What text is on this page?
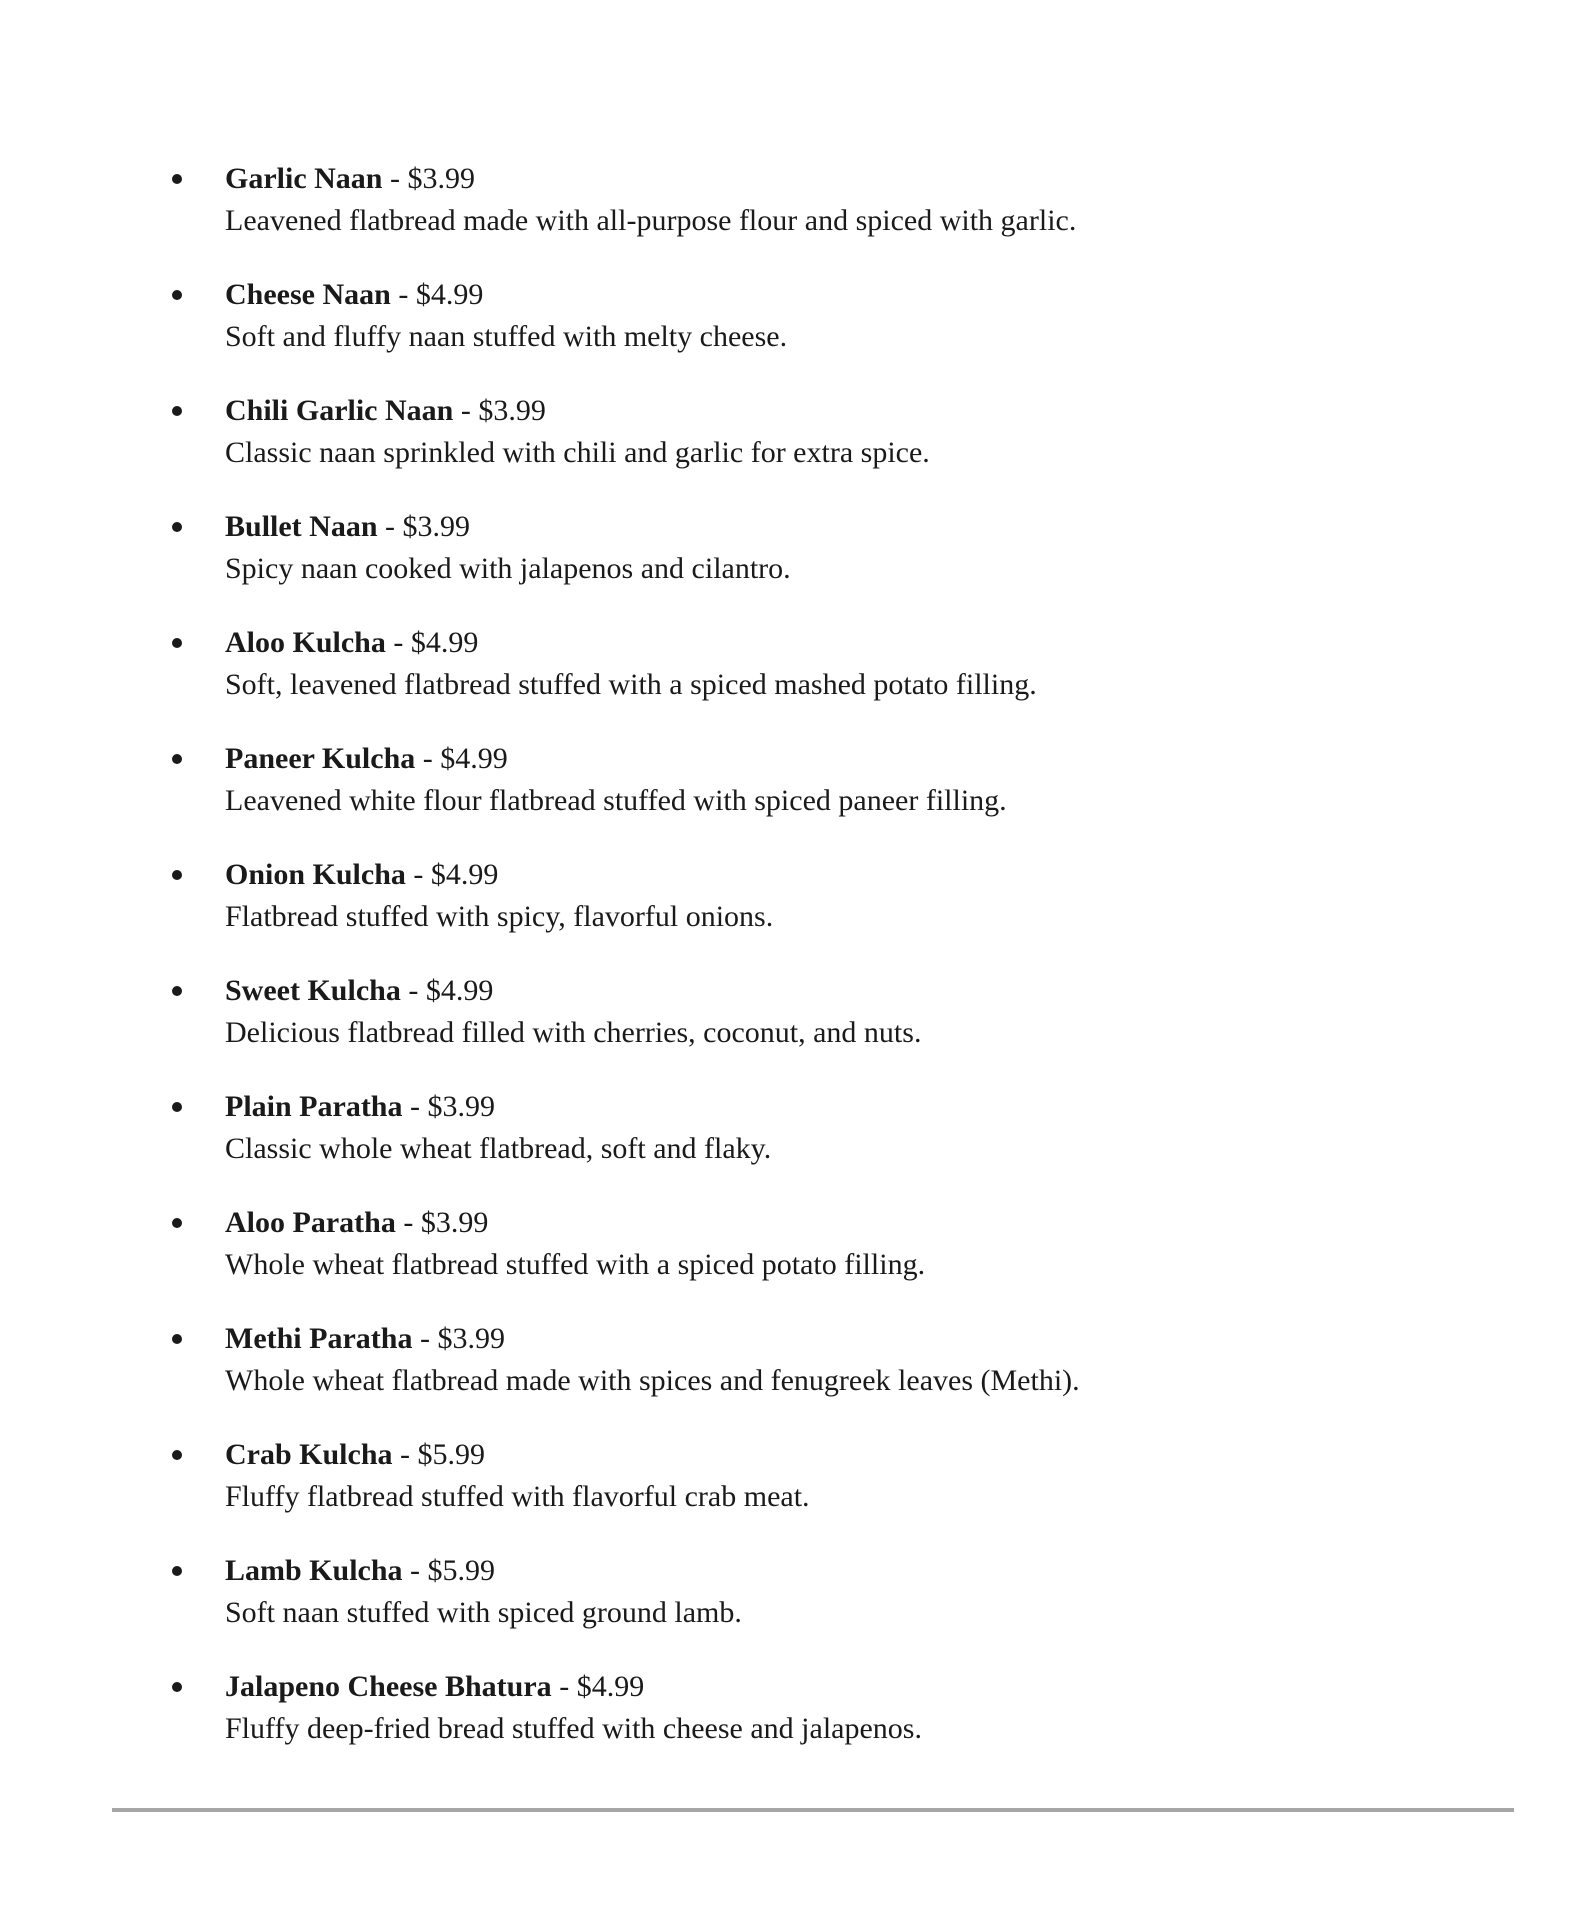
Garlic Naan - $3.99
Leavened flatbread made with all-purpose flour and spiced with garlic.
Cheese Naan - $4.99
Soft and fluffy naan stuffed with melty cheese.
Chili Garlic Naan - $3.99
Classic naan sprinkled with chili and garlic for extra spice.
Bullet Naan - $3.99
Spicy naan cooked with jalapenos and cilantro.
Aloo Kulcha - $4.99
Soft, leavened flatbread stuffed with a spiced mashed potato filling.
Paneer Kulcha - $4.99
Leavened white flour flatbread stuffed with spiced paneer filling.
Onion Kulcha - $4.99
Flatbread stuffed with spicy, flavorful onions.
Sweet Kulcha - $4.99
Delicious flatbread filled with cherries, coconut, and nuts.
Plain Paratha - $3.99
Classic whole wheat flatbread, soft and flaky.
Aloo Paratha - $3.99
Whole wheat flatbread stuffed with a spiced potato filling.
Methi Paratha - $3.99
Whole wheat flatbread made with spices and fenugreek leaves (Methi).
Crab Kulcha - $5.99
Fluffy flatbread stuffed with flavorful crab meat.
Lamb Kulcha - $5.99
Soft naan stuffed with spiced ground lamb.
Jalapeno Cheese Bhatura - $4.99
Fluffy deep-fried bread stuffed with cheese and jalapenos.
